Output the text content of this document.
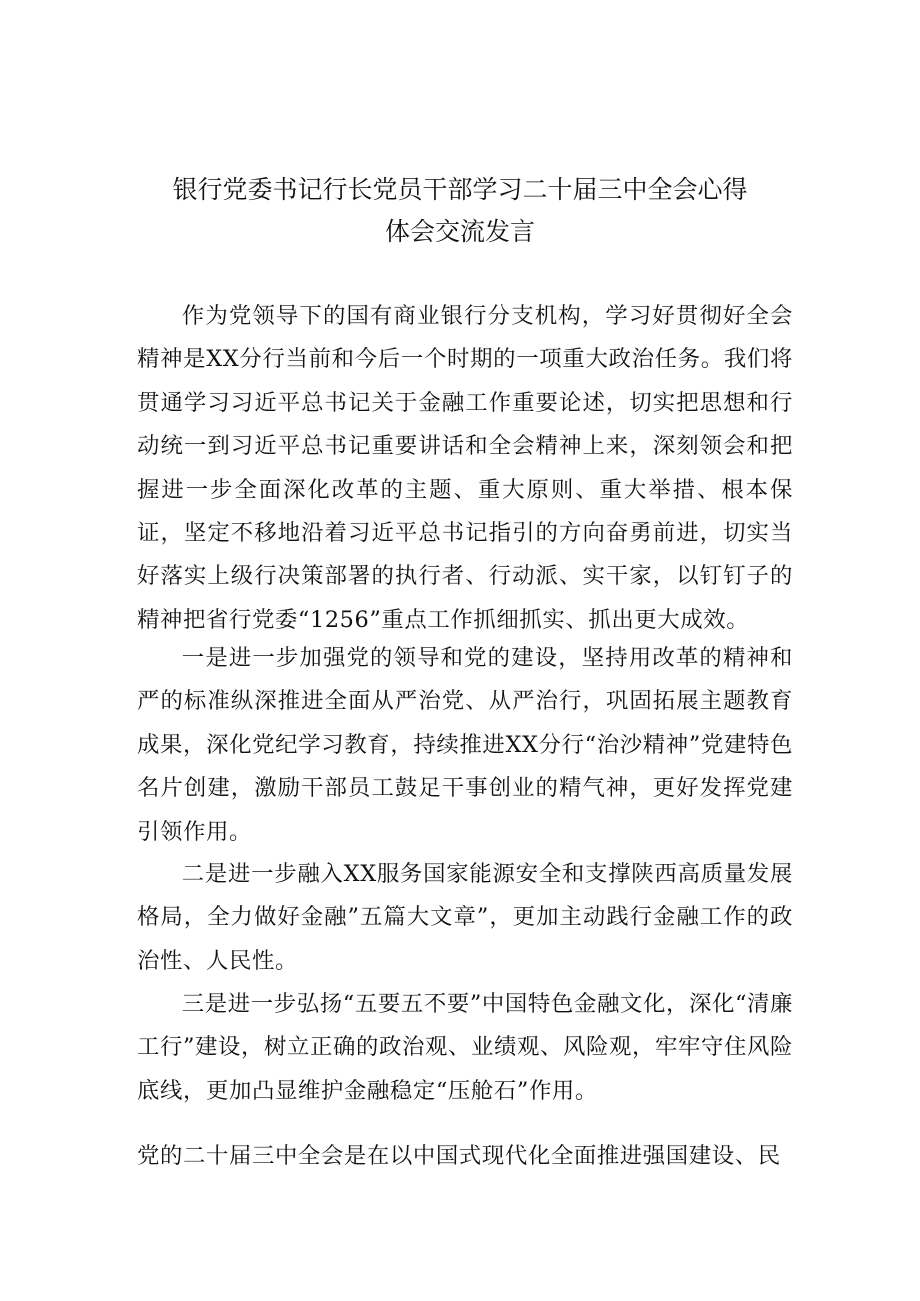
银行党委书记行长党员干部学习二十届三中全会心得
体会交流发言

作为党领导下的国有商业银行分支机构，学习好贯彻好全会精神是XX分行当前和今后一个时期的一项重大政治任务。我们将贯通学习习近平总书记关于金融工作重要论述，切实把思想和行动统一到习近平总书记重要讲话和全会精神上来，深刻领会和把握进一步全面深化改革的主题、重大原则、重大举措、根本保证，坚定不移地沿着习近平总书记指引的方向奋勇前进，切实当好落实上级行决策部署的执行者、行动派、实干家，以钉钉子的精神把省行党委“1256”重点工作抓细抓实、抓出更大成效。

一是进一步加强党的领导和党的建设，坚持用改革的精神和严的标准纵深推进全面从严治党、从严治行，巩固拓展主题教育成果，深化党纪学习教育，持续推进XX分行“治沙精神”党建特色名片创建，激励干部员工鼓足干事创业的精气神，更好发挥党建引领作用。

二是进一步融入XX服务国家能源安全和支撑陕西高质量发展格局，全力做好金融”五篇大文章”，更加主动践行金融工作的政治性、人民性。

三是进一步弘扬“五要五不要”中国特色金融文化，深化“清廉工行”建设，树立正确的政治观、业绩观、风险观，牢牢守住风险底线，更加凸显维护金融稳定“压舱石”作用。

党的二十届三中全会是在以中国式现代化全面推进强国建设、民
